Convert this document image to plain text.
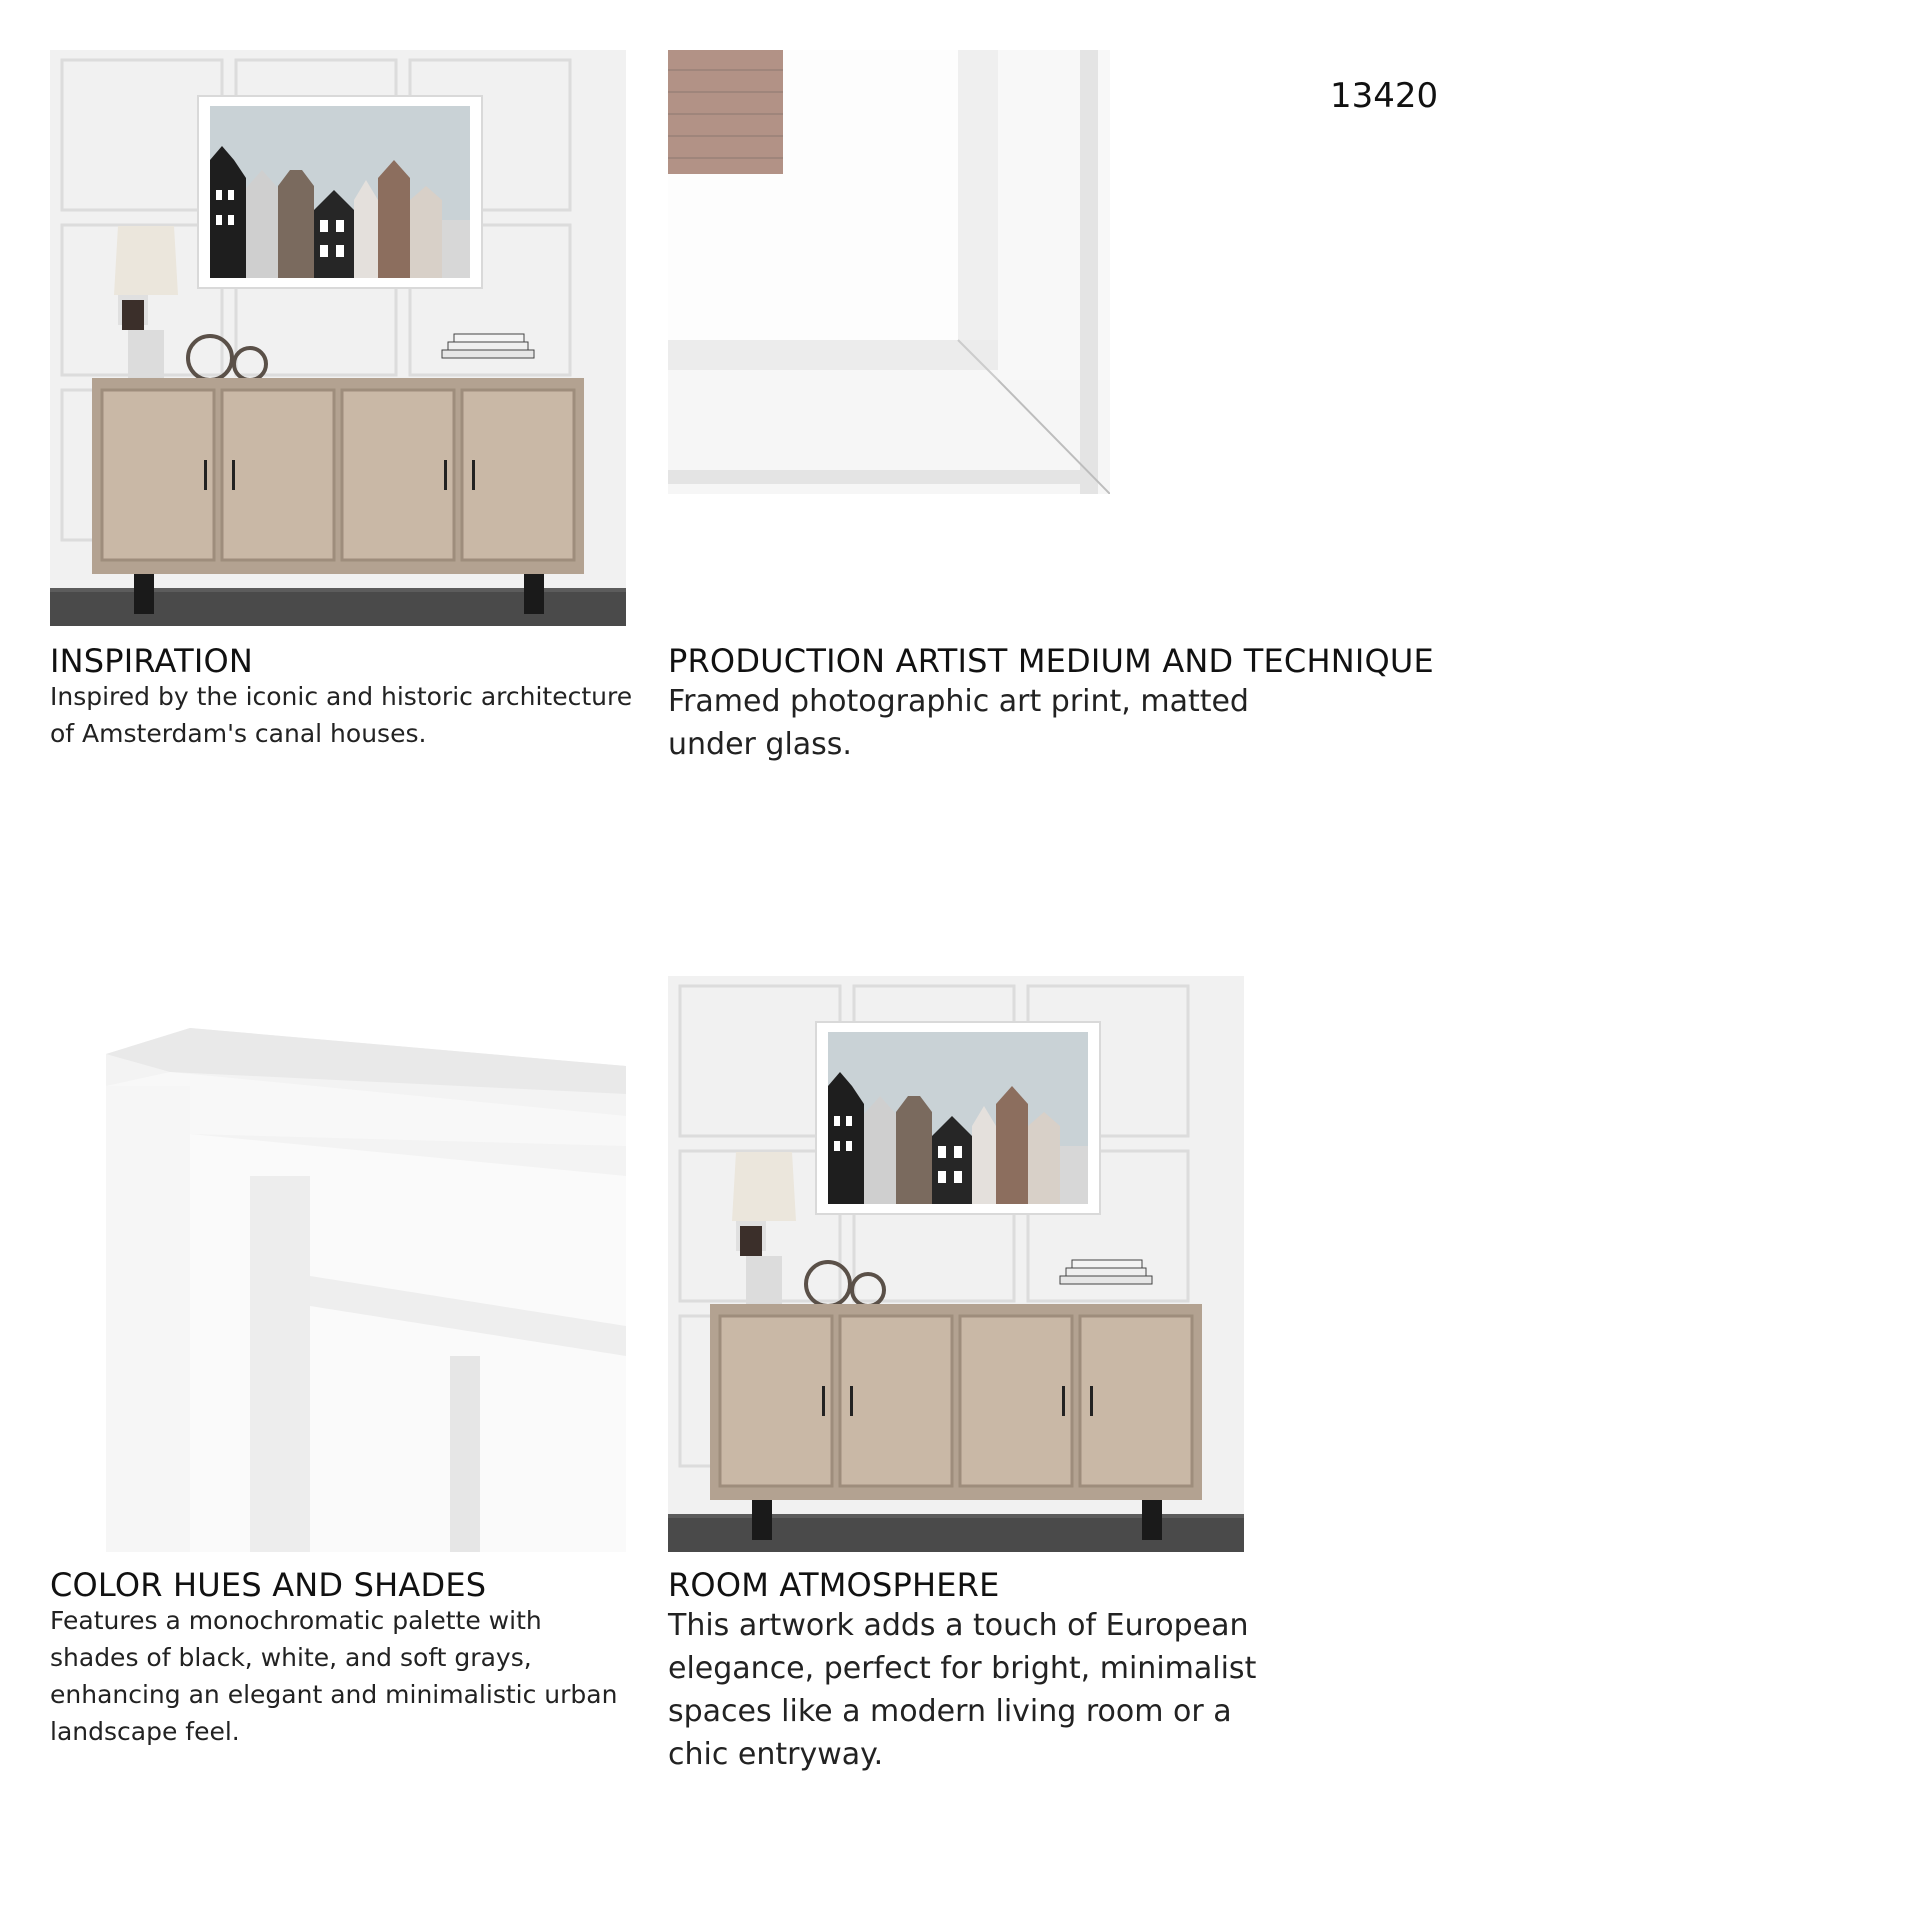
13420
INSPIRATION
Inspired by the iconic and historic architecture
of Amsterdam's canal houses.
PRODUCTION ARTIST MEDIUM AND TECHNIQUE
Framed photographic art print, matted
under glass.
COLOR HUES AND SHADES
Features a monochromatic palette with
shades of black, white, and soft grays,
enhancing an elegant and minimalistic urban
landscape feel.
ROOM ATMOSPHERE
This artwork adds a touch of European
elegance, perfect for bright, minimalist
spaces like a modern living room or a
chic entryway.
